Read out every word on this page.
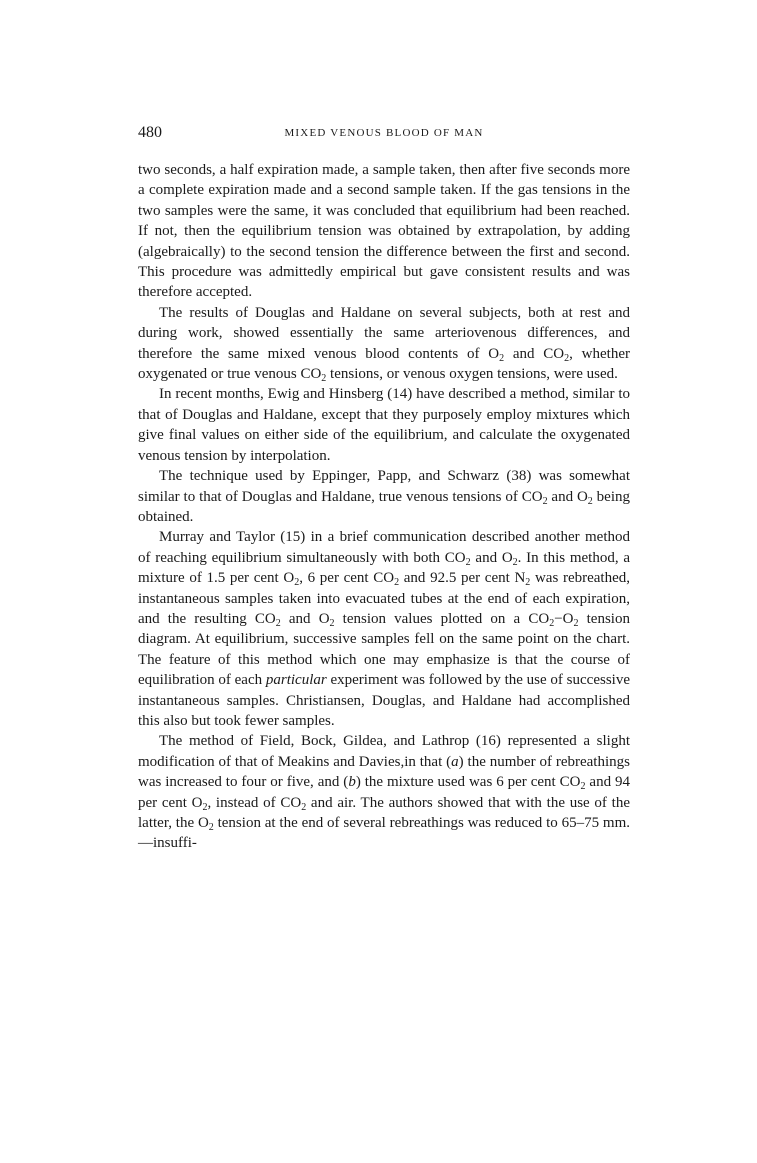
480	MIXED VENOUS BLOOD OF MAN

two seconds, a half expiration made, a sample taken, then after five seconds more a complete expiration made and a second sample taken. If the gas tensions in the two samples were the same, it was concluded that equilibrium had been reached. If not, then the equilibrium tension was obtained by extrapolation, by adding (algebraically) to the second tension the difference between the first and second. This procedure was admittedly empirical but gave consistent results and was therefore accepted.

The results of Douglas and Haldane on several subjects, both at rest and during work, showed essentially the same arteriovenous differences, and therefore the same mixed venous blood contents of $O_2$ and $CO_2$, whether oxygenated or true venous $CO_2$ tensions, or venous oxygen tensions, were used.

In recent months, Ewig and Hinsberg (14) have described a method, similar to that of Douglas and Haldane, except that they purposely employ mixtures which give final values on either side of the equilibrium, and calculate the oxygenated venous tension by interpolation.

The technique used by Eppinger, Papp, and Schwarz (38) was somewhat similar to that of Douglas and Haldane, true venous tensions of $CO_2$ and $O_2$ being obtained.

Murray and Taylor (15) in a brief communication described another method of reaching equilibrium simultaneously with both $CO_2$ and $O_2$. In this method, a mixture of 1.5 per cent $O_2$, 6 per cent $CO_2$ and 92.5 per cent $N_2$ was rebreathed, instantaneous samples taken into evacuated tubes at the end of each expiration, and the resulting $CO_2$ and $O_2$ tension values plotted on a $CO_2-O_2$ tension diagram. At equilibrium, successive samples fell on the same point on the chart. The feature of this method which one may emphasize is that the course of equilibration of each particular experiment was followed by the use of successive instantaneous samples. Christiansen, Douglas, and Haldane had accomplished this also but took fewer samples.

The method of Field, Bock, Gildea, and Lathrop (16) represented a slight modification of that of Meakins and Davies,in that (a) the number of rebreathings was increased to four or five, and (b) the mixture used was 6 per cent $CO_2$ and 94 per cent $O_2$, instead of $CO_2$ and air. The authors showed that with the use of the latter, the $O_2$ tension at the end of several rebreathings was reduced to 65–75 mm.—insuffi-
